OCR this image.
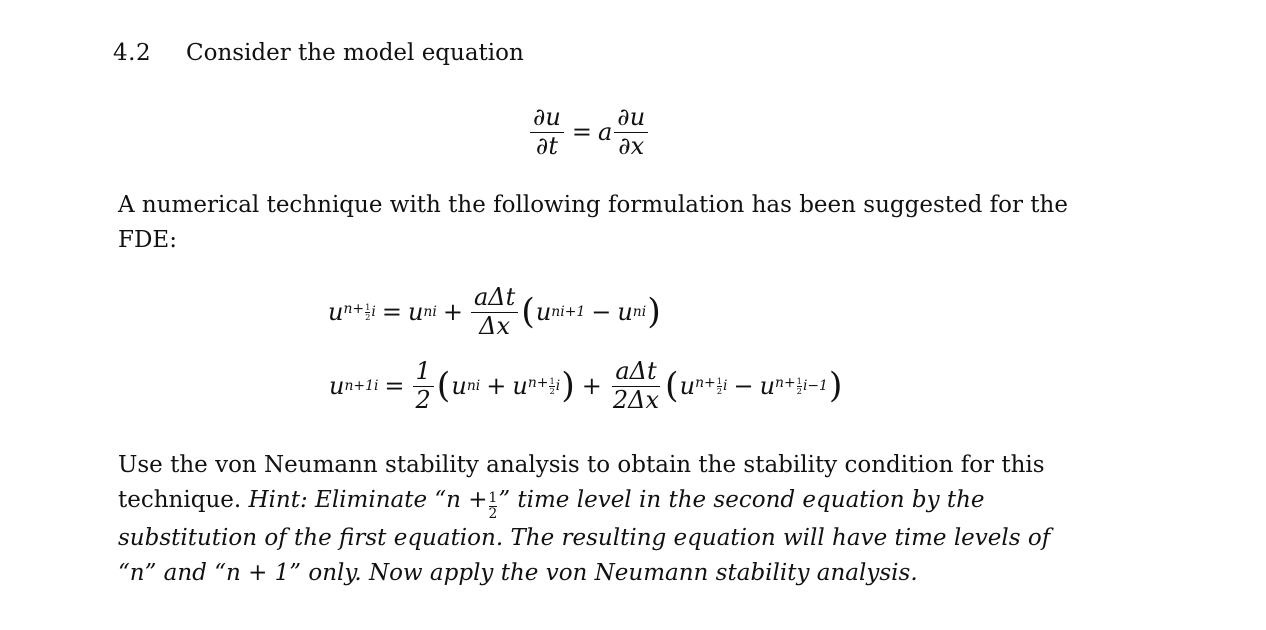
4.2 Consider the model equation
$\frac{\partial u}{\partial t} = a \frac{\partial u}{\partial x}$
A numerical technique with the following formulation has been suggested for the
FDE:
u $n+ \frac{1}{2}$ i = u n $i + \frac{\text{aΔt}}{\Delta x}$ ( u n i+1 − u n i )
u n+1 $i = \frac{1}{2}$ ( u n i + u $n+ \frac{1}{2}$ i ) + $\frac{\text{aΔt}}{2\Delta x}$ ( u $n+ \frac{1}{2}$ i − u $n+ \frac{1}{2} i-1$ )
Use the von Neumann stability analysis to obtain the stability condition for this technique. Hint: Eliminate “$n + \frac{1}{2}$ ” time level in the second equation by the substitution of the first equation. The resulting equation will have time levels of “n” and “n + 1” only. Now apply the von Neumann stability analysis.
